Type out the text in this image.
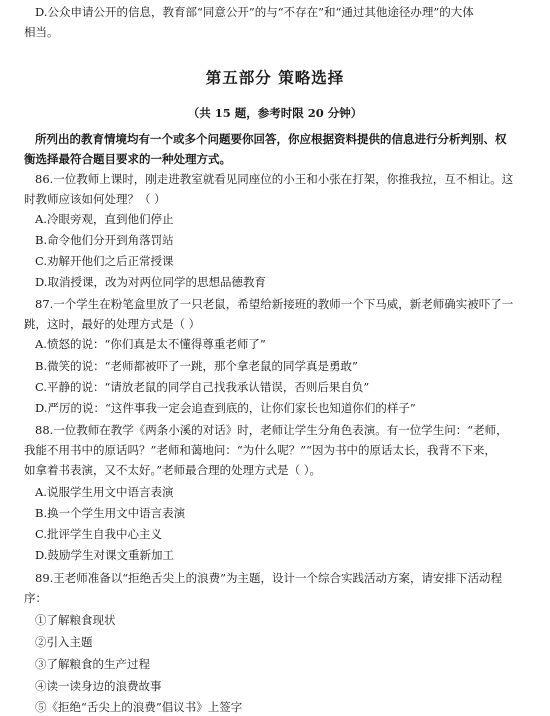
D.公众申请公开的信息，教育部“同意公开”的与“不存在”和“通过其他途径办理”的大体
相当。
第五部分 策略选择
（共 15 题，参考时限 20 分钟）
所列出的教育情境均有一个或多个问题要你回答，你应根据资料提供的信息进行分析判别、权
衡选择最符合题目要求的一种处理方式。
86.一位教师上课时，刚走进教室就看见同座位的小王和小张在打架，你推我拉，互不相让。这
时教师应该如何处理？（ ）
A.冷眼旁观，直到他们停止
B.命令他们分开到角落罚站
C.劝解开他们之后正常授课
D.取消授课，改为对两位同学的思想品德教育
87.一个学生在粉笔盒里放了一只老鼠，希望给新接班的教师一个下马威，新老师确实被吓了一
跳，这时，最好的处理方式是（ ）
A.愤怒的说：“你们真是太不懂得尊重老师了”
B.微笑的说：“老师都被吓了一跳，那个拿老鼠的同学真是勇敢”
C.平静的说：“请放老鼠的同学自己找我承认错误，否则后果自负”
D.严厉的说：“这件事我一定会追查到底的，让你们家长也知道你们的样子”
88.一位教师在教学《两条小溪的对话》时，老师让学生分角色表演。有一位学生问：“老师，
我能不用书中的原话吗？”老师和蔼地问：“为什么呢？”“因为书中的原话太长，我背不下来，
如拿着书表演，又不太好。”老师最合理的处理方式是（ ）。
A.说服学生用文中语言表演
B.换一个学生用文中语言表演
C.批评学生自我中心主义
D.鼓励学生对课文重新加工
89.王老师准备以“拒绝舌尖上的浪费”为主题，设计一个综合实践活动方案，请安排下活动程
序：
①了解粮食现状
②引入主题
③了解粮食的生产过程
④读一读身边的浪费故事
⑤《拒绝“舌尖上的浪费”倡议书》上签字
